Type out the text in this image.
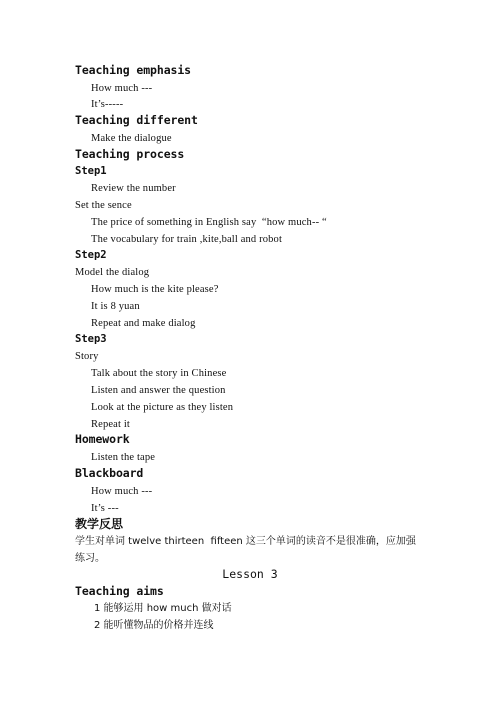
Teaching emphasis
How much ---
It’s-----
Teaching different
Make the dialogue
Teaching process
Step1
Review the number
Set the sence
The price of something in English say  “how much-- “
The vocabulary for train ,kite,ball and robot
Step2
Model the dialog
How much is the kite please?
It is 8 yuan
Repeat and make dialog
Step3
Story
Talk about the story in Chinese
Listen and answer the question
Look at the picture as they listen
Repeat it
Homework
Listen the tape
Blackboard
How much ---
It’s ---
教学反思
学生对单词 twelve thirteen  fifteen 这三个单词的读音不是很准确，应加强
练习。
Lesson 3
Teaching aims
1 能够运用 how much 做对话
2 能听懂物品的价格并连线
